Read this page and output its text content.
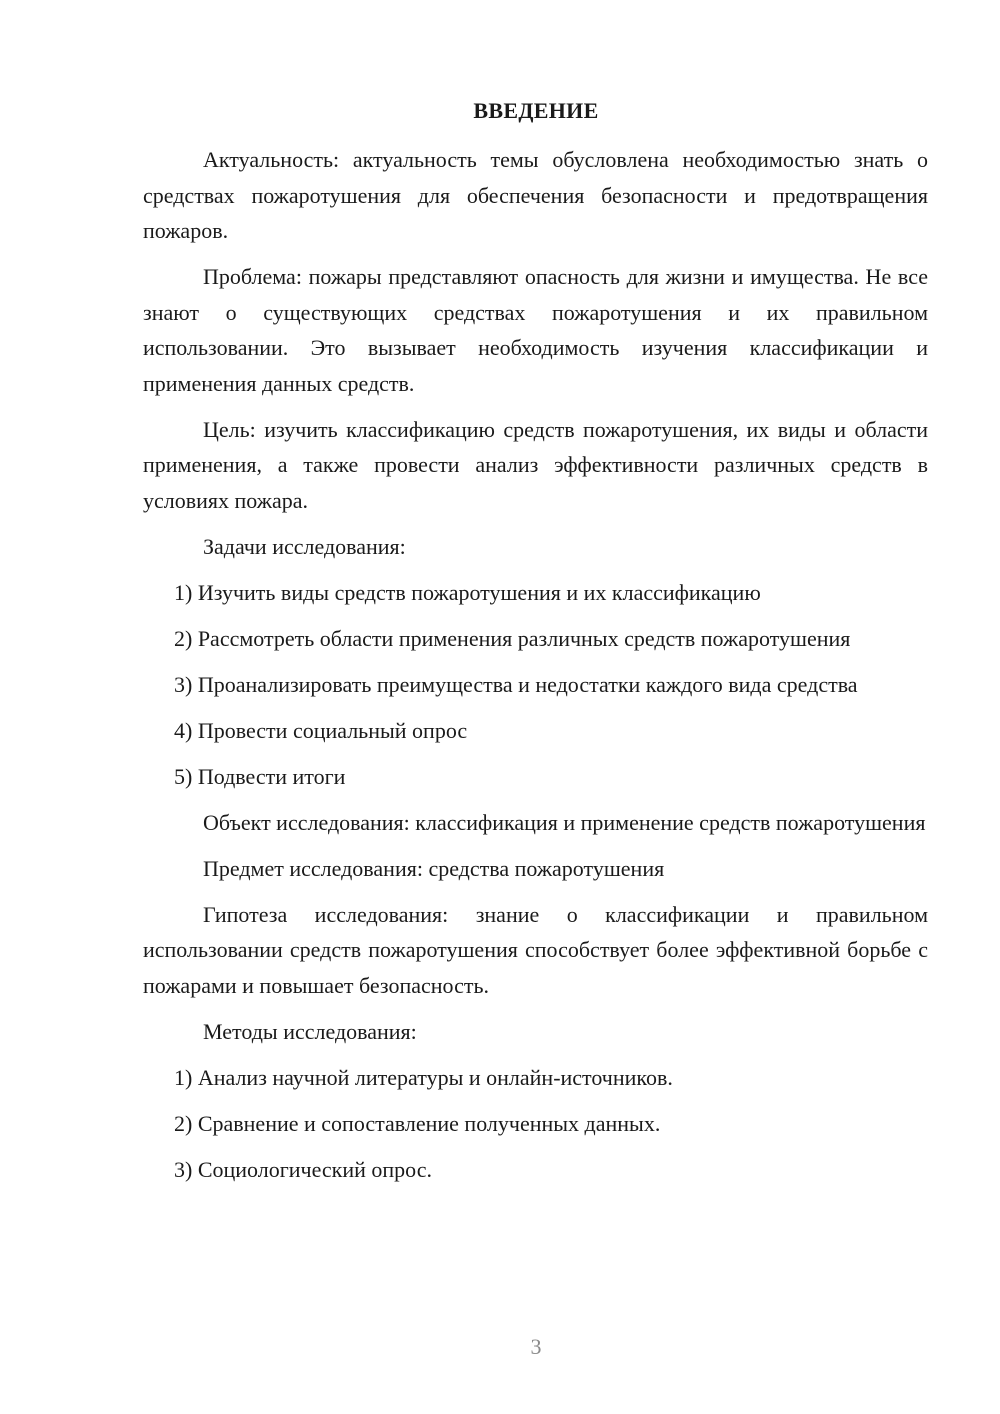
ВВЕДЕНИЕ

Актуальность: актуальность темы обусловлена необходимостью знать о средствах пожаротушения для обеспечения безопасности и предотвращения пожаров.

Проблема: пожары представляют опасность для жизни и имущества. Не все знают о существующих средствах пожаротушения и их правильном использовании. Это вызывает необходимость изучения классификации и применения данных средств.

Цель: изучить классификацию средств пожаротушения, их виды и области применения, а также провести анализ эффективности различных средств в условиях пожара.

Задачи исследования:

1) Изучить виды средств пожаротушения и их классификацию

2) Рассмотреть области применения различных средств пожаротушения

3) Проанализировать преимущества и недостатки каждого вида средства

4) Провести социальный опрос

5) Подвести итоги

Объект исследования: классификация и применение средств пожаротушения

Предмет исследования: средства пожаротушения

Гипотеза исследования: знание о классификации и правильном использовании средств пожаротушения способствует более эффективной борьбе с пожарами и повышает безопасность.

Методы исследования:

1) Анализ научной литературы и онлайн-источников.

2) Сравнение и сопоставление полученных данных.

3) Социологический опрос.

3
